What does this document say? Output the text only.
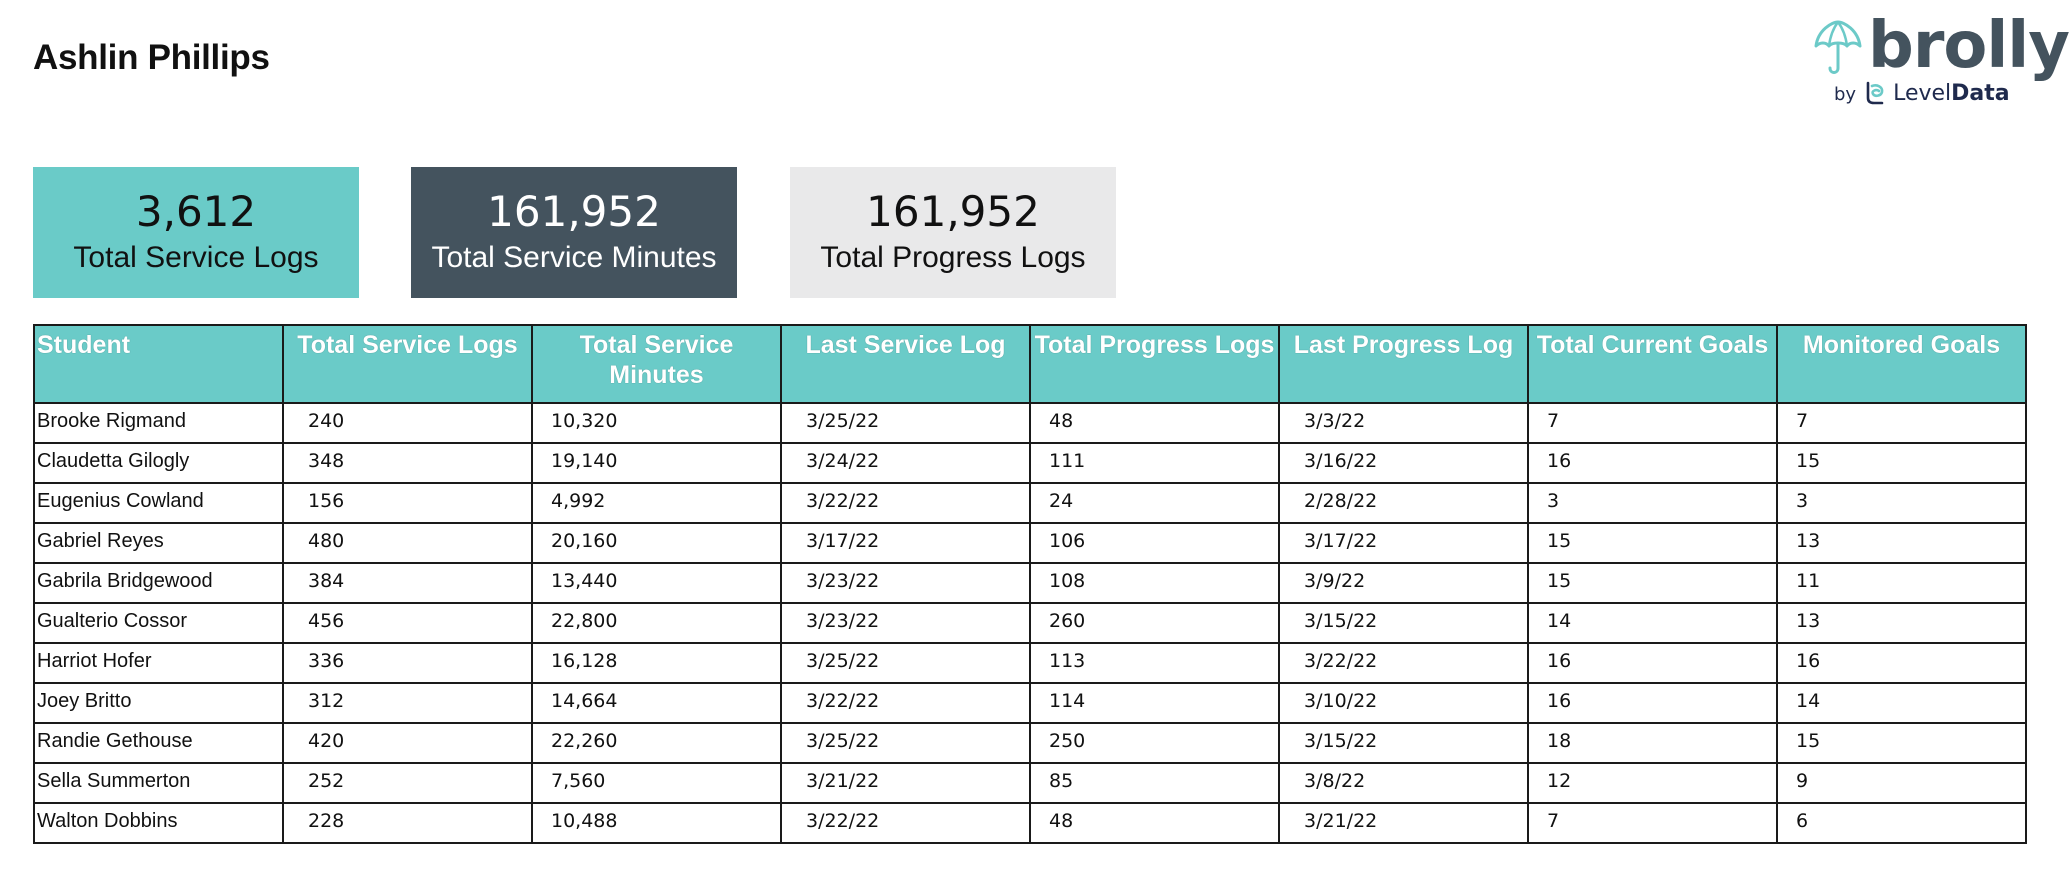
Ashlin Phillips	brolly
by Level Data
3,612
Total Service Logs
161,952
Total Service Minutes
161,952
Total Progress Logs
Student	Total Service Logs	Total Service Minutes	Last Service Log	Total Progress Logs	Last Progress Log	Total Current Goals	Monitored Goals
Brooke Rigmand	240	10,320	3/25/22	48	3/3/22	7	7
Claudetta Gilogly	348	19,140	3/24/22	111	3/16/22	16	15
Eugenius Cowland	156	4,992	3/22/22	24	2/28/22	3	3
Gabriel Reyes	480	20,160	3/17/22	106	3/17/22	15	13
Gabrila Bridgewood	384	13,440	3/23/22	108	3/9/22	15	11
Gualterio Cossor	456	22,800	3/23/22	260	3/15/22	14	13
Harriot Hofer	336	16,128	3/25/22	113	3/22/22	16	16
Joey Britto	312	14,664	3/22/22	114	3/10/22	16	14
Randie Gethouse	420	22,260	3/25/22	250	3/15/22	18	15
Sella Summerton	252	7,560	3/21/22	85	3/8/22	12	9
Walton Dobbins	228	10,488	3/22/22	48	3/21/22	7	6
